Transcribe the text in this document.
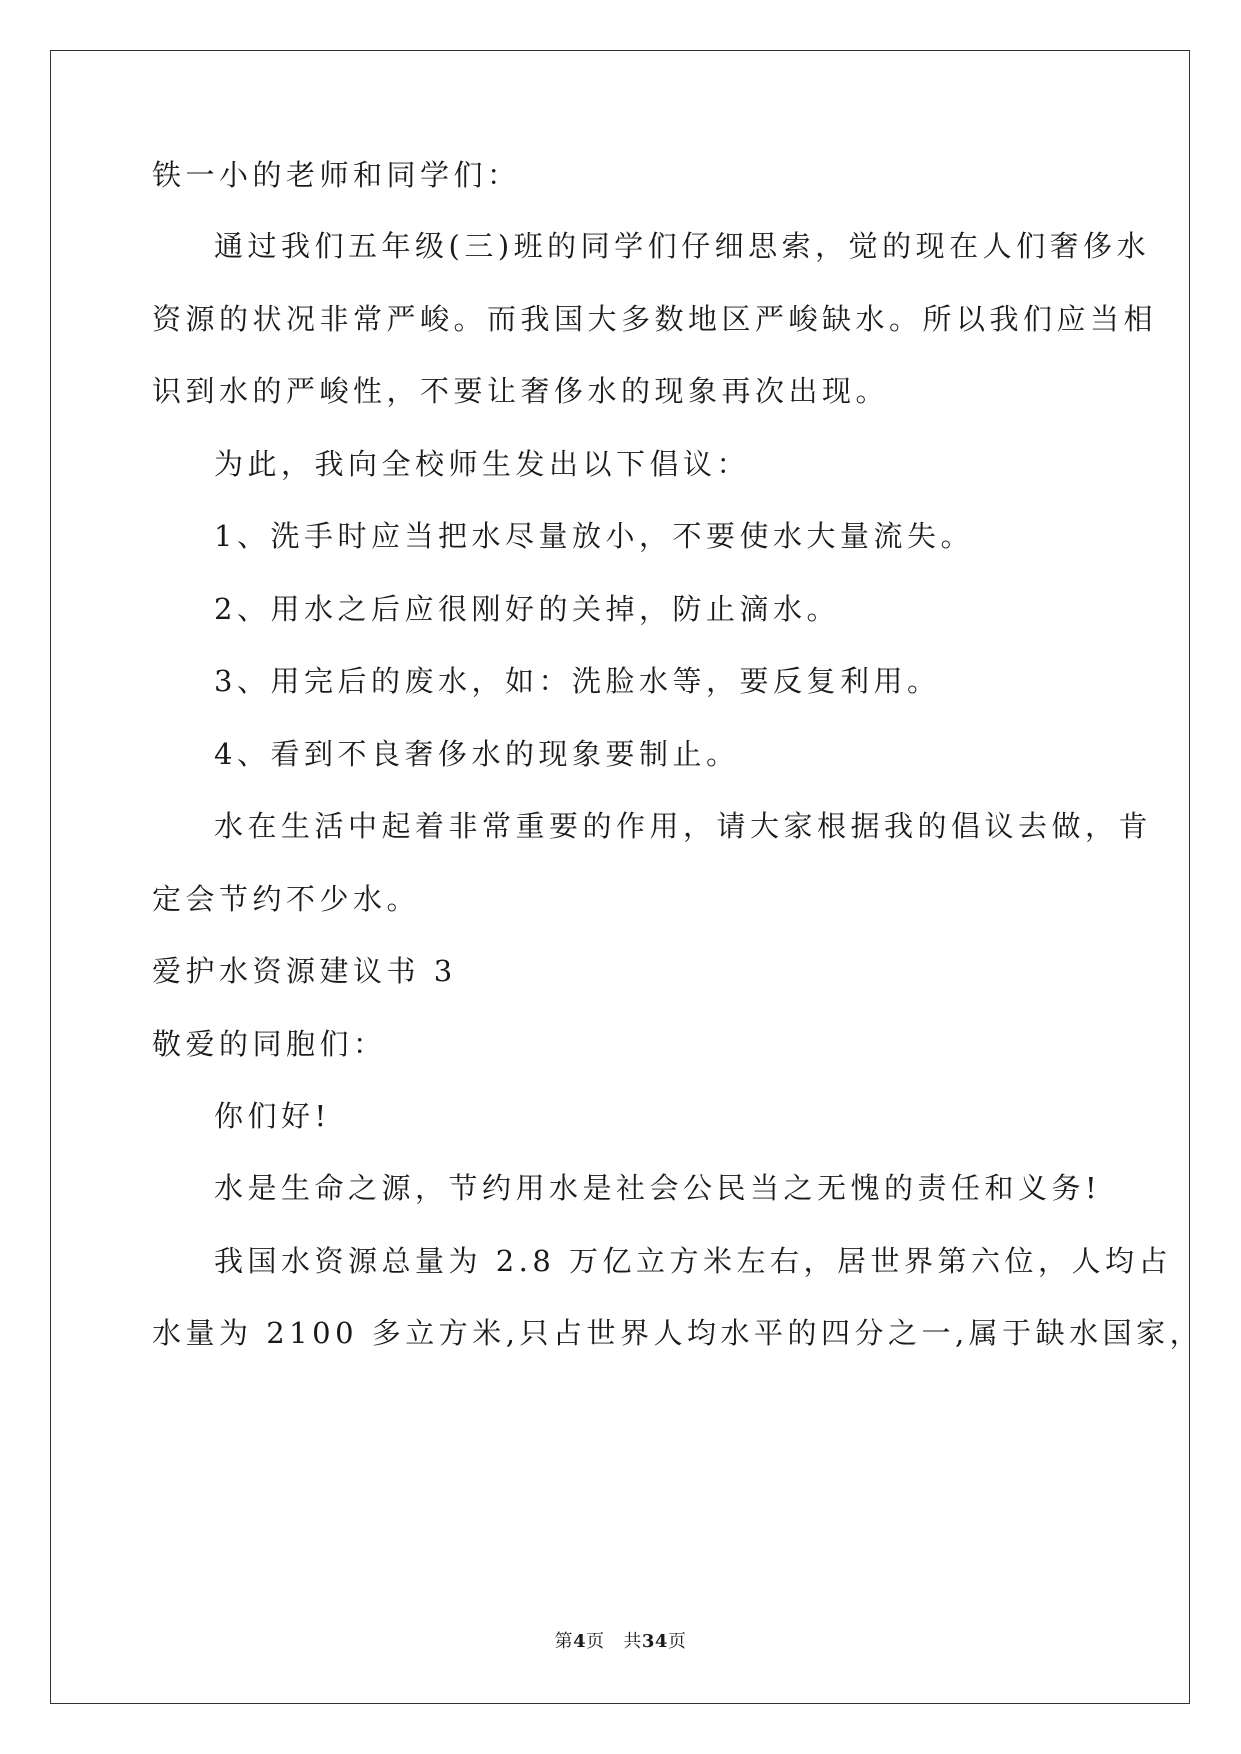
铁一小的老师和同学们：
通过我们五年级(三)班的同学们仔细思索，觉的现在人们奢侈水
资源的状况非常严峻。而我国大多数地区严峻缺水。所以我们应当相
识到水的严峻性，不要让奢侈水的现象再次出现。
为此，我向全校师生发出以下倡议：
1、洗手时应当把水尽量放小，不要使水大量流失。
2、用水之后应很刚好的关掉，防止滴水。
3、用完后的废水，如：洗脸水等，要反复利用。
4、看到不良奢侈水的现象要制止。
水在生活中起着非常重要的作用，请大家根据我的倡议去做，肯
定会节约不少水。
爱护水资源建议书 3
敬爱的同胞们：
你们好!
水是生命之源，节约用水是社会公民当之无愧的责任和义务!
我国水资源总量为 2.8 万亿立方米左右，居世界第六位，人均占
水量为 2100 多立方米,只占世界人均水平的四分之一,属于缺水国家，
第4页 共34页
